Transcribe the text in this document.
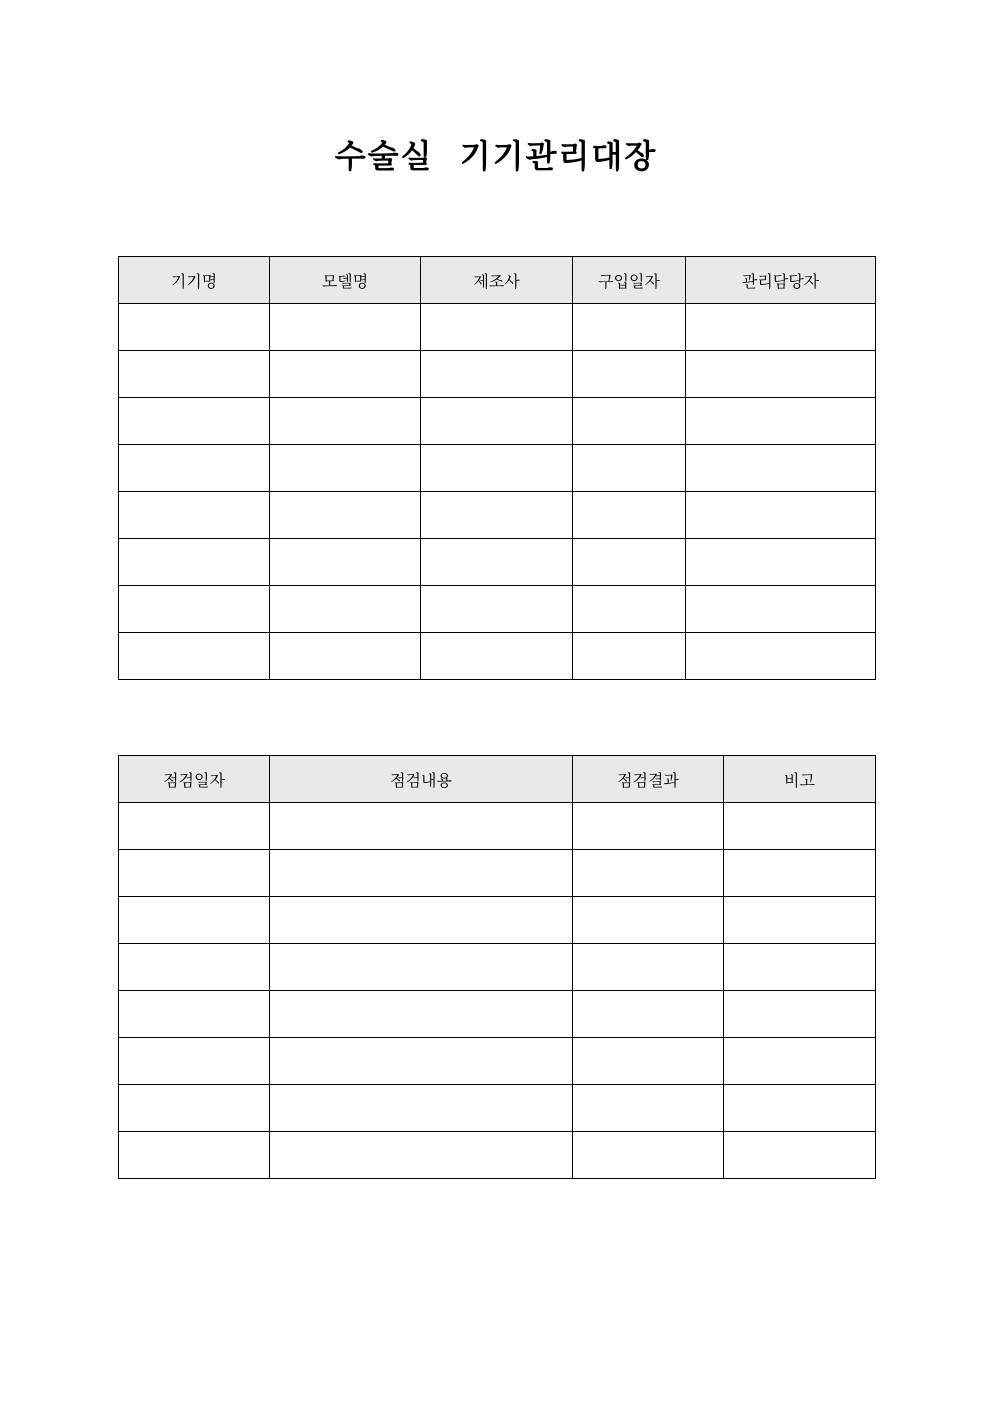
수술실  기기관리대장
기기명	모델명	제조사	구입일자	관리담당자

점검일자	점검내용	점검결과	비고
